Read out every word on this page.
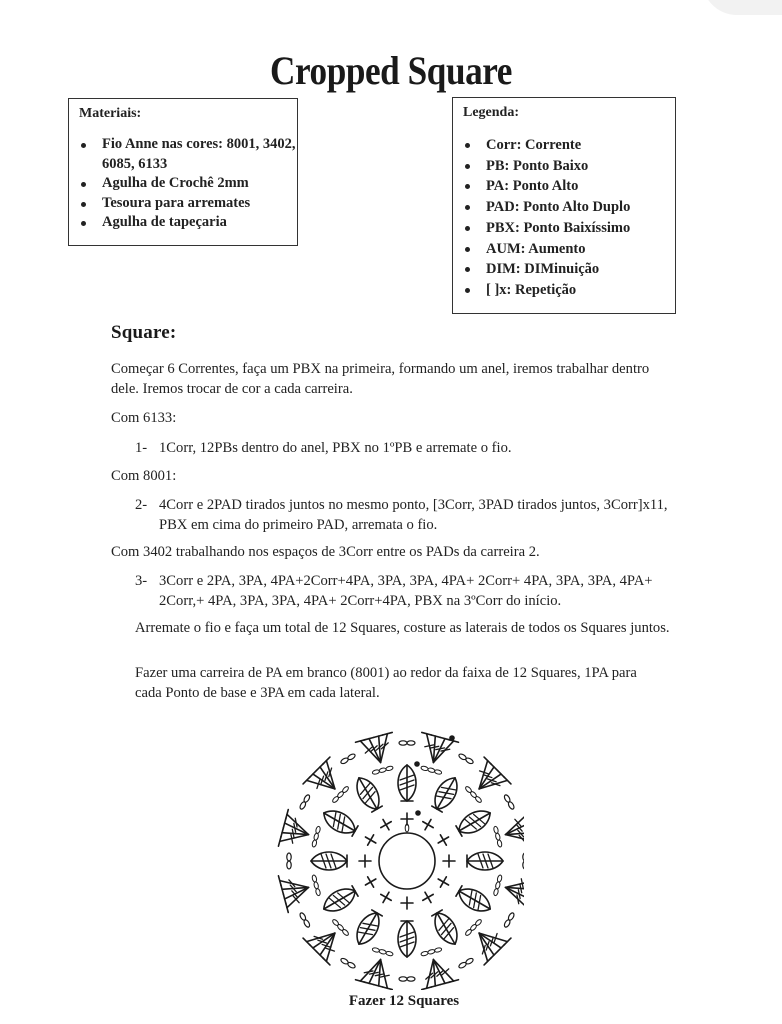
Cropped Square
Materiais:
Fio Anne nas cores: 8001, 3402, 6085, 6133
Agulha de Crochê 2mm
Tesoura para arremates
Agulha de tapeçaria
Legenda:
Corr: Corrente
PB: Ponto Baixo
PA: Ponto Alto
PAD: Ponto Alto Duplo
PBX: Ponto Baixíssimo
AUM: Aumento
DIM: DIMinuição
[ ]x: Repetição
Square:
Começar 6 Correntes, faça um PBX na primeira, formando um anel, iremos trabalhar dentro dele. Iremos trocar de cor a cada carreira.
Com 6133:
1- 1Corr, 12PBs dentro do anel, PBX no 1ºPB e arremate o fio.
Com 8001:
2- 4Corr e 2PAD tirados juntos no mesmo ponto, [3Corr, 3PAD tirados juntos, 3Corr]x11, PBX em cima do primeiro PAD, arremata o fio.
Com 3402 trabalhando nos espaços de 3Corr entre os PADs da carreira 2.
3- 3Corr e 2PA, 3PA, 4PA+2Corr+4PA, 3PA, 3PA, 4PA+ 2Corr+ 4PA, 3PA, 3PA, 4PA+ 2Corr,+ 4PA, 3PA, 3PA, 4PA+ 2Corr+4PA, PBX na 3ºCorr do início.
Arremate o fio e faça um total de 12 Squares, costure as laterais de todos os Squares juntos.
Fazer uma carreira de PA em branco (8001) ao redor da faixa de 12 Squares, 1PA para cada Ponto de base e 3PA em cada lateral.
Fazer 12 Squares
